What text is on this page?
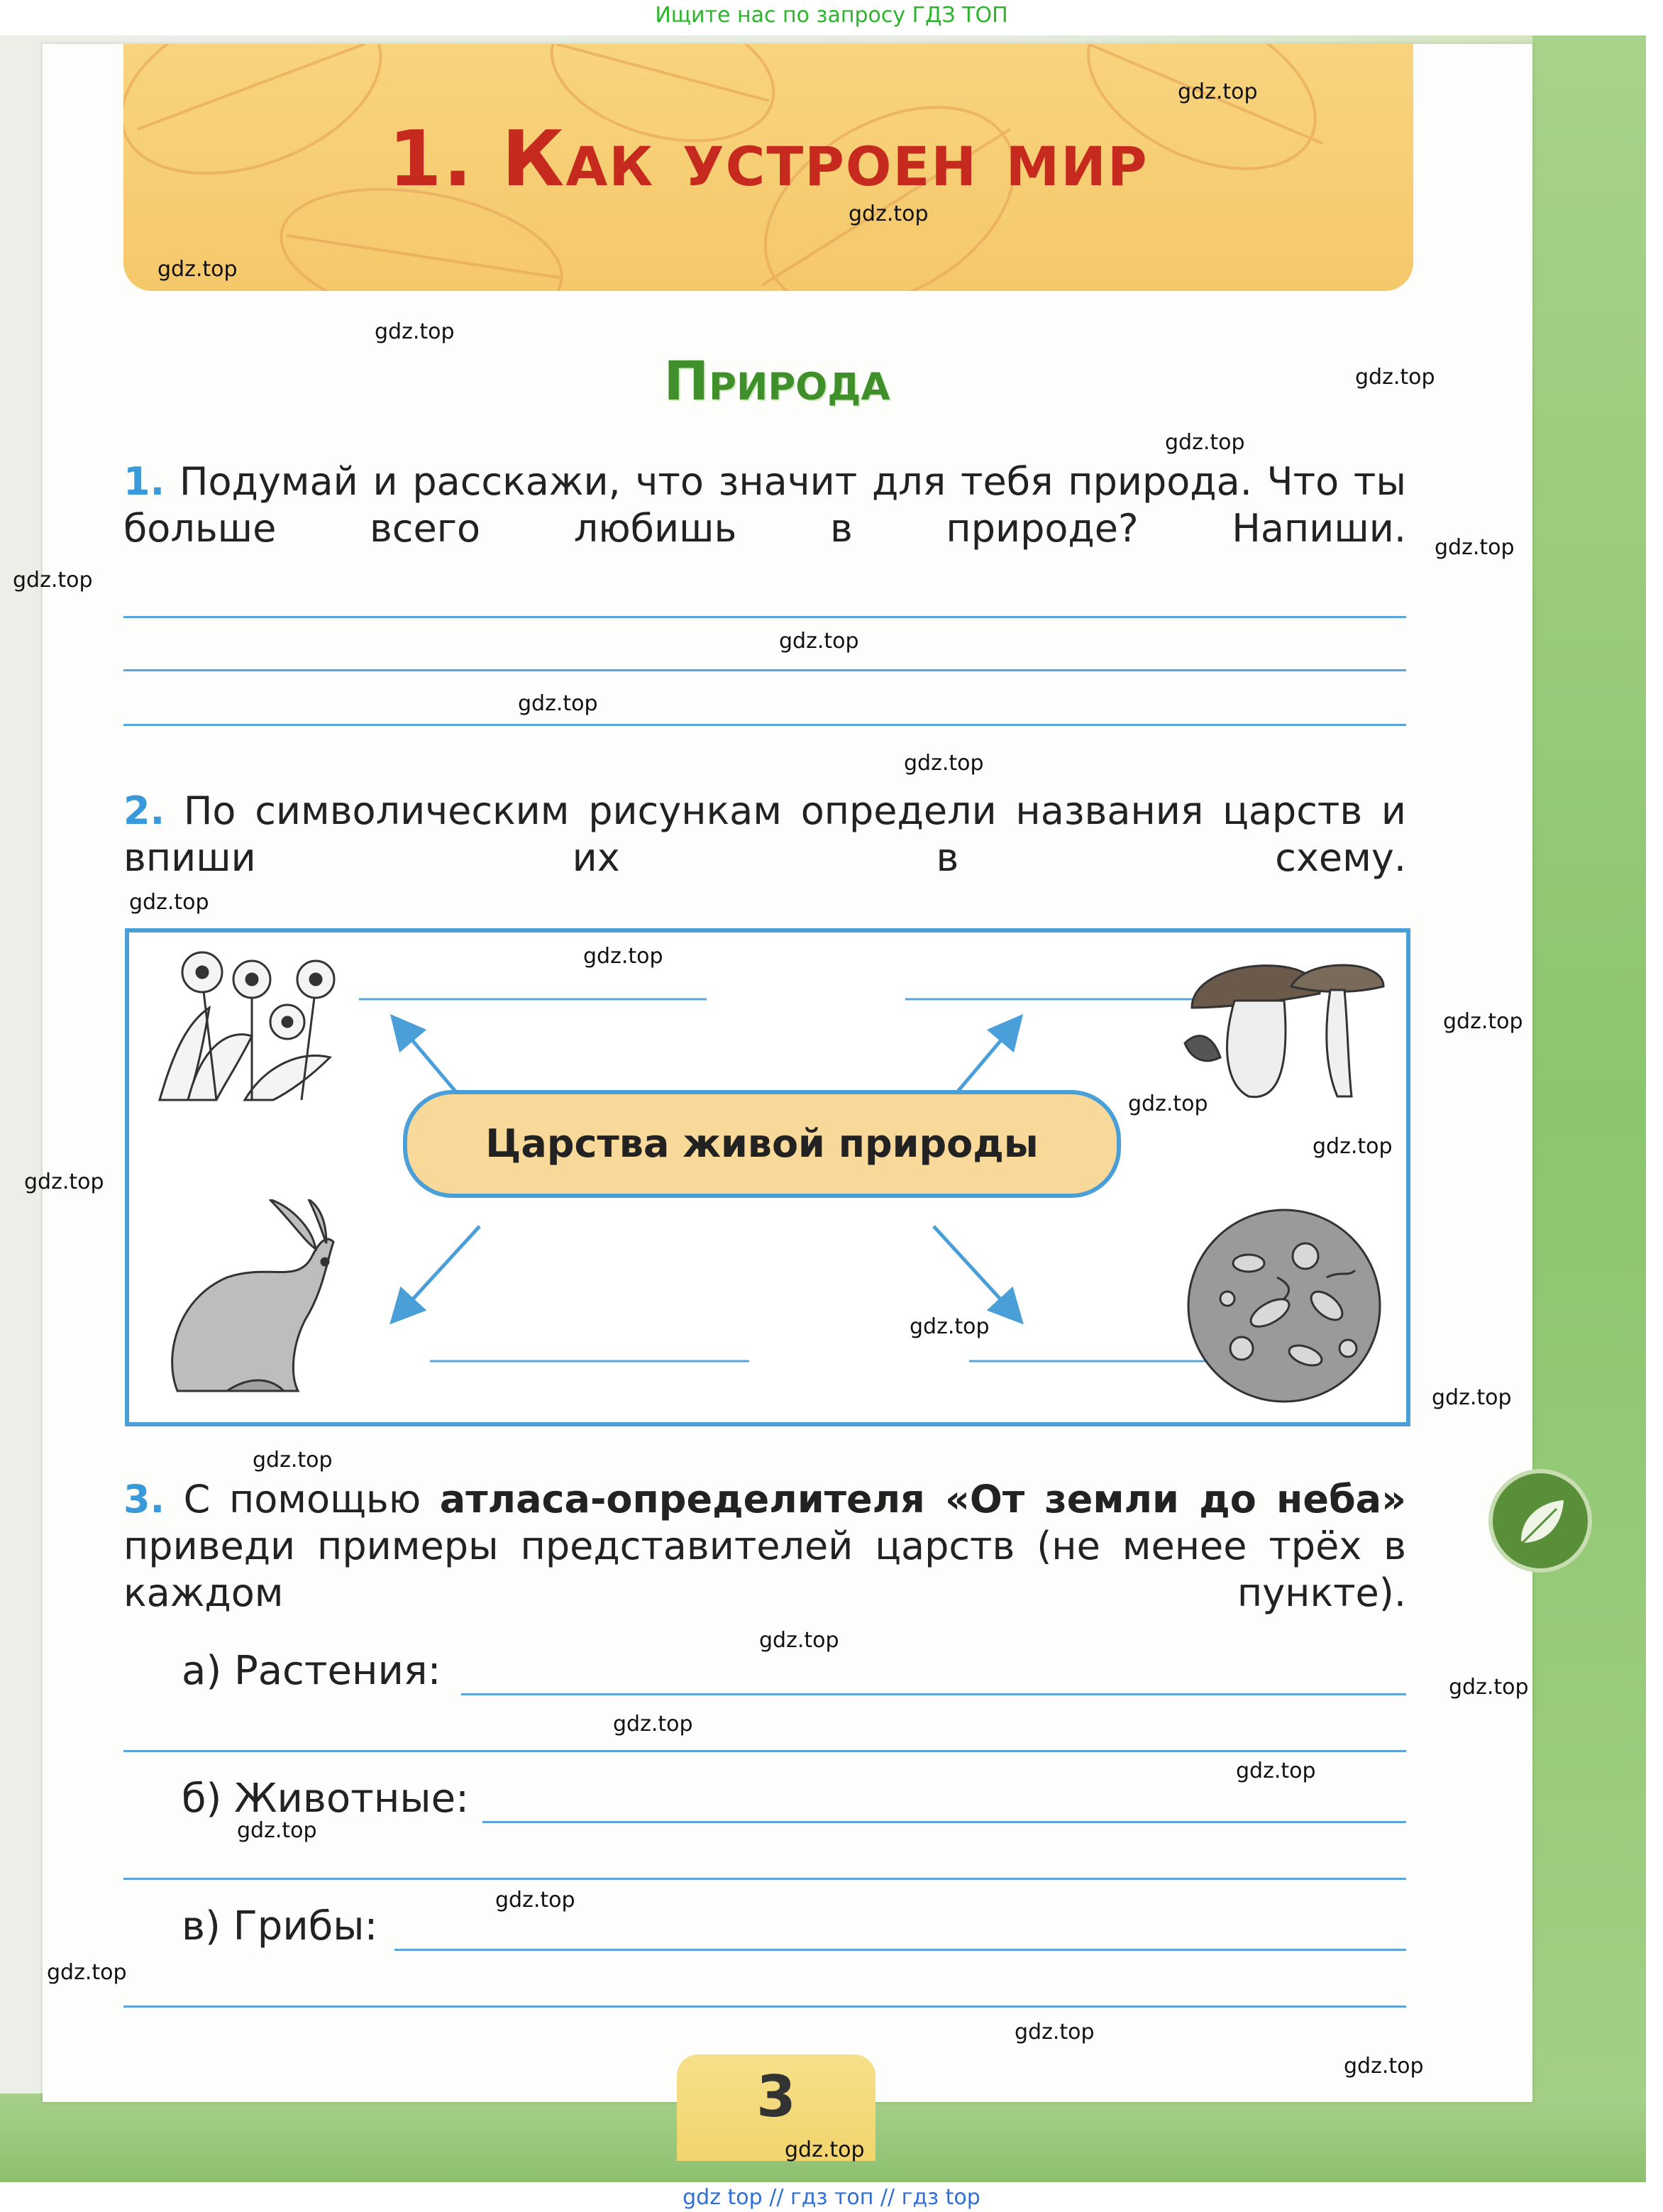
Ищите нас по запросу ГДЗ ТОП
1. Как устроен мир
Природа
1. Подумай и расскажи, что значит для тебя природа. Что ты больше всего любишь в природе? Напиши.
2. По символическим рисункам определи названия царств и впиши их в схему.
Царства живой природы
3. С помощью атласа-определителя «От земли до неба» приведи примеры представителей царств (не менее трёх в каждом пункте).
а) Растения:
б) Животные:
в) Грибы:
3
gdz.top
gdz.top
gdz.top
gdz.top
gdz.top
gdz.top
gdz.top
gdz.top
gdz.top
gdz.top
gdz.top
gdz.top
gdz.top
gdz.top
gdz.top
gdz.top
gdz.top
gdz.top
gdz.top
gdz.top
gdz.top
gdz.top
gdz.top
gdz.top
gdz.top
gdz.top
gdz.top
gdz.top
gdz.top
gdz.top
gdz top // гдз топ // гдз top
